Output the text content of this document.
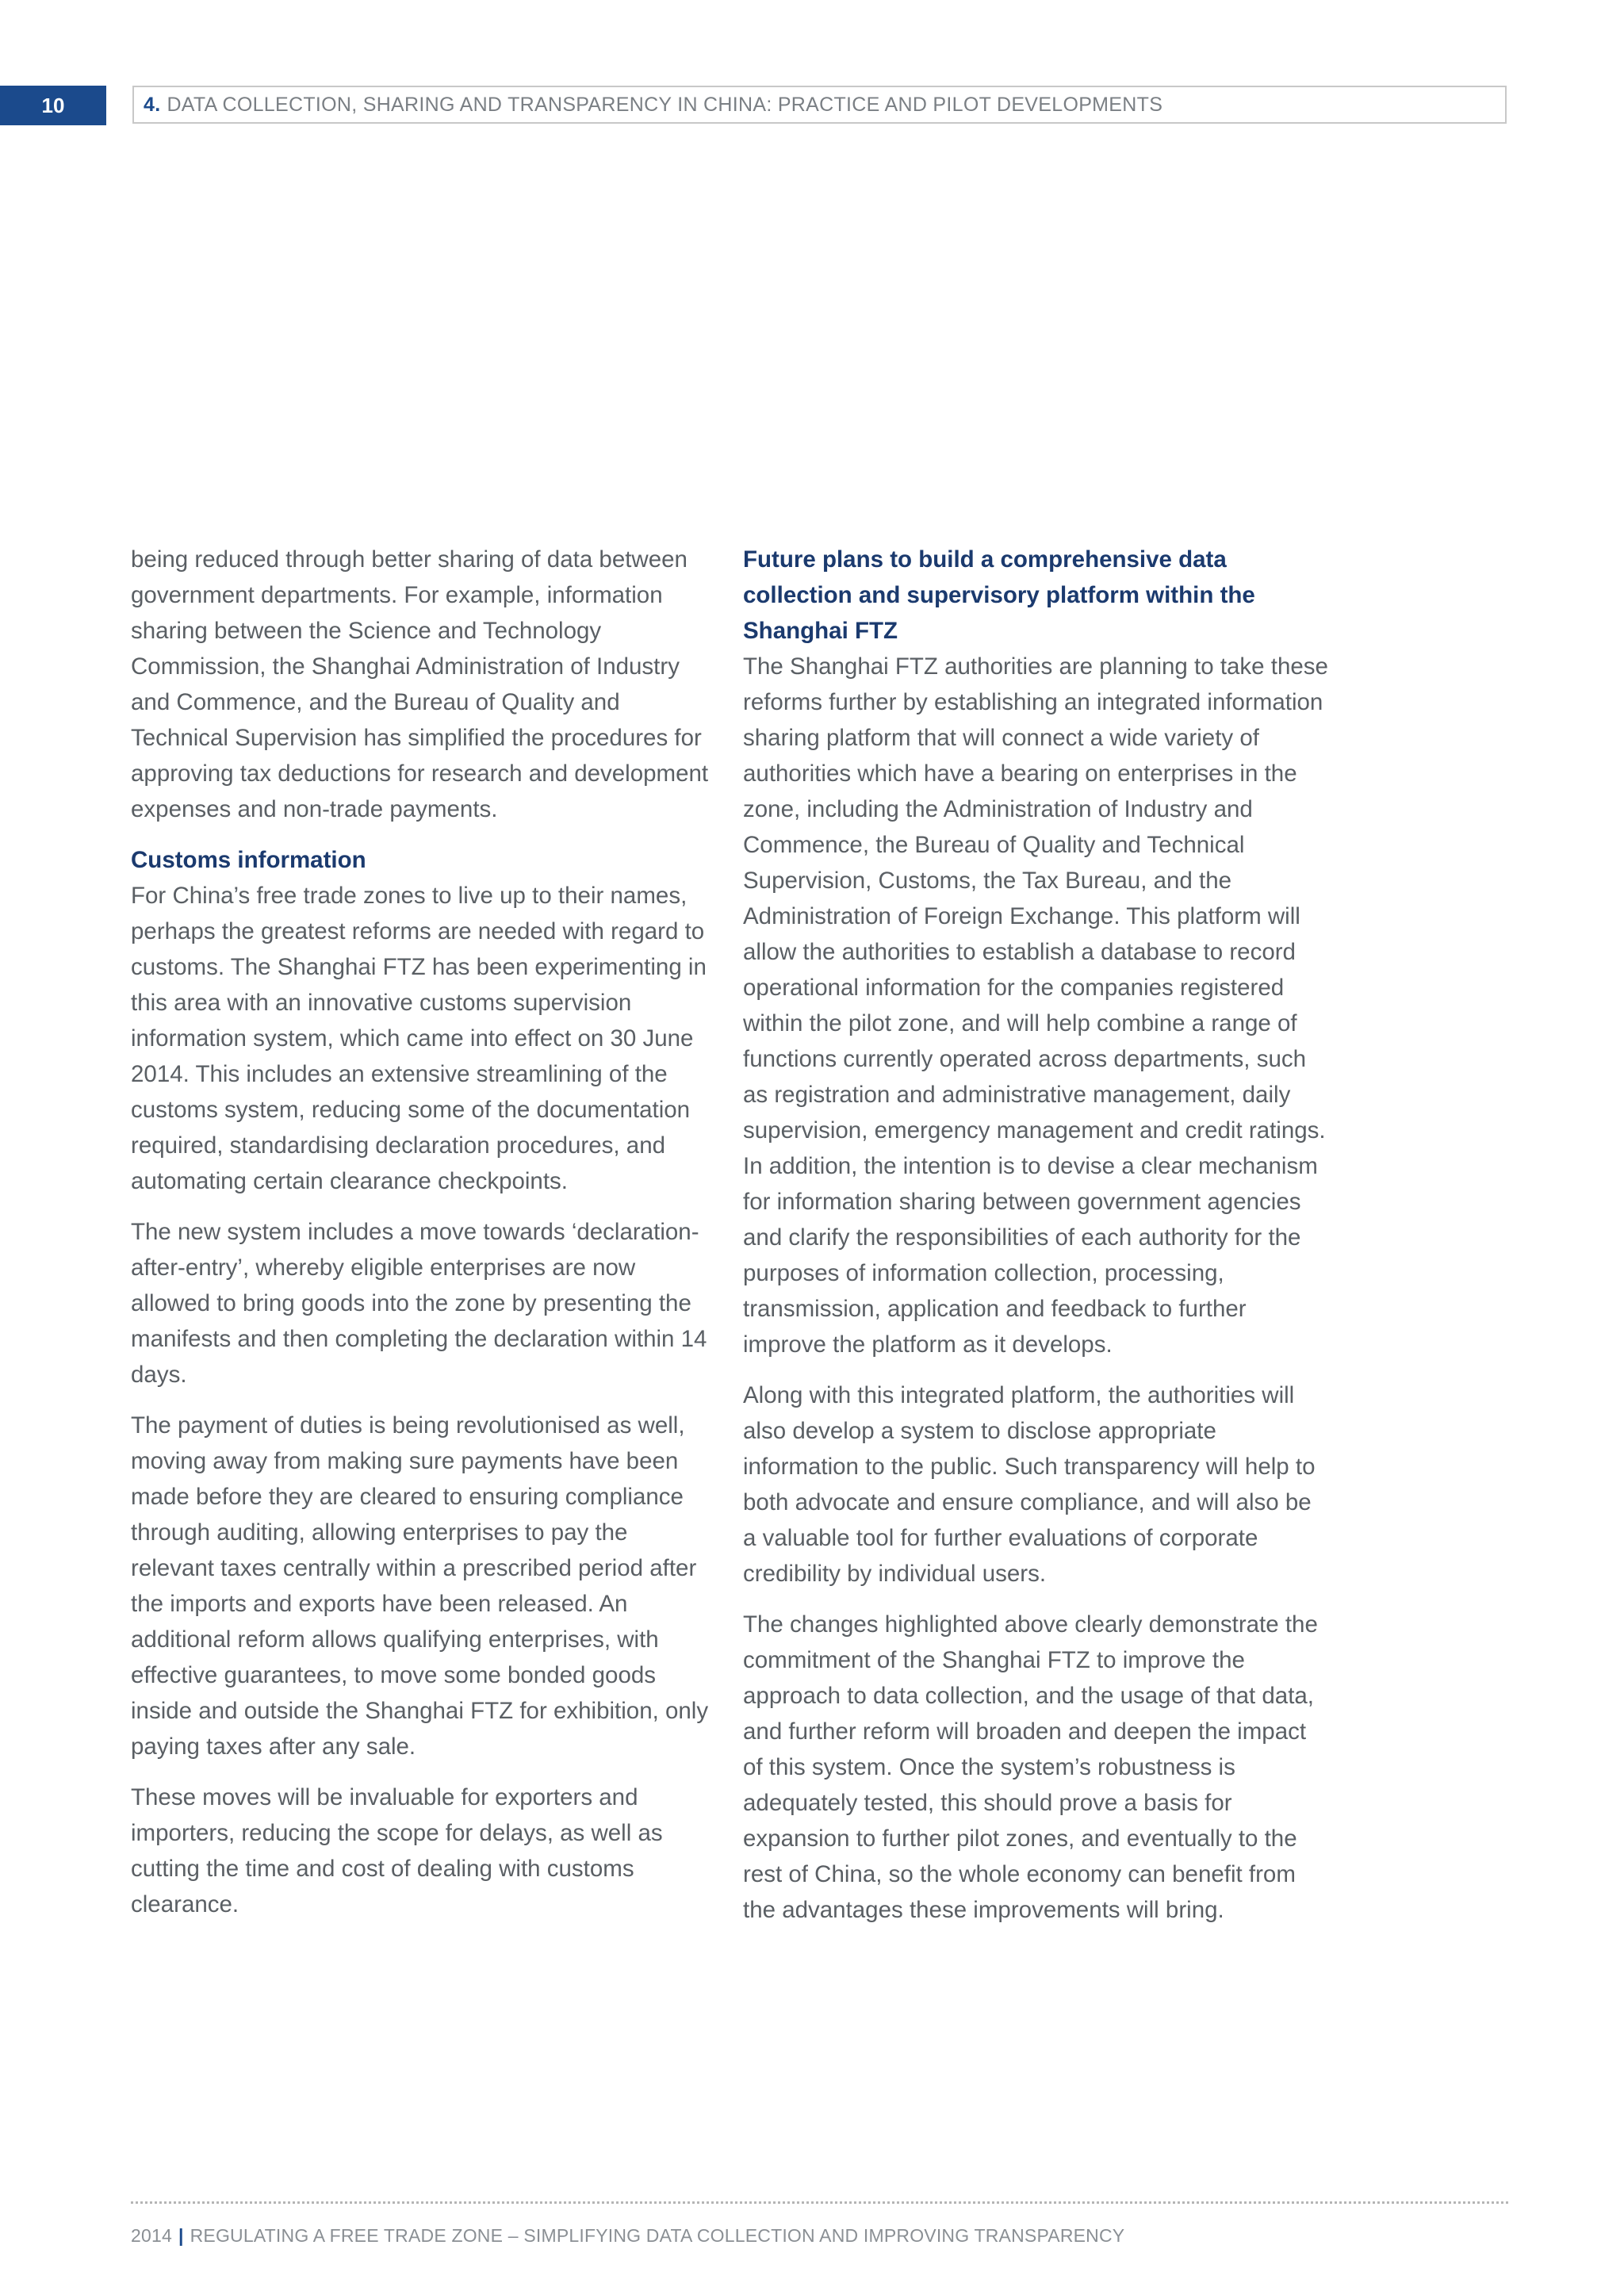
10	4. DATA COLLECTION, SHARING AND TRANSPARENCY IN CHINA: PRACTICE AND PILOT DEVELOPMENTS

being reduced through better sharing of data between government departments. For example, information sharing between the Science and Technology Commission, the Shanghai Administration of Industry and Commence, and the Bureau of Quality and Technical Supervision has simplified the procedures for approving tax deductions for research and development expenses and non-trade payments.

Customs information

For China’s free trade zones to live up to their names, perhaps the greatest reforms are needed with regard to customs. The Shanghai FTZ has been experimenting in this area with an innovative customs supervision information system, which came into effect on 30 June 2014. This includes an extensive streamlining of the customs system, reducing some of the documentation required, standardising declaration procedures, and automating certain clearance checkpoints.

The new system includes a move towards ‘declaration-after-entry’, whereby eligible enterprises are now allowed to bring goods into the zone by presenting the manifests and then completing the declaration within 14 days.

The payment of duties is being revolutionised as well, moving away from making sure payments have been made before they are cleared to ensuring compliance through auditing, allowing enterprises to pay the relevant taxes centrally within a prescribed period after the imports and exports have been released. An additional reform allows qualifying enterprises, with effective guarantees, to move some bonded goods inside and outside the Shanghai FTZ for exhibition, only paying taxes after any sale.

These moves will be invaluable for exporters and importers, reducing the scope for delays, as well as cutting the time and cost of dealing with customs clearance.

Future plans to build a comprehensive data collection and supervisory platform within the Shanghai FTZ

The Shanghai FTZ authorities are planning to take these reforms further by establishing an integrated information sharing platform that will connect a wide variety of authorities which have a bearing on enterprises in the zone, including the Administration of Industry and Commence, the Bureau of Quality and Technical Supervision, Customs, the Tax Bureau, and the Administration of Foreign Exchange. This platform will allow the authorities to establish a database to record operational information for the companies registered within the pilot zone, and will help combine a range of functions currently operated across departments, such as registration and administrative management, daily supervision, emergency management and credit ratings. In addition, the intention is to devise a clear mechanism for information sharing between government agencies and clarify the responsibilities of each authority for the purposes of information collection, processing, transmission, application and feedback to further improve the platform as it develops.

Along with this integrated platform, the authorities will also develop a system to disclose appropriate information to the public. Such transparency will help to both advocate and ensure compliance, and will also be a valuable tool for further evaluations of corporate credibility by individual users.

The changes highlighted above clearly demonstrate the commitment of the Shanghai FTZ to improve the approach to data collection, and the usage of that data, and further reform will broaden and deepen the impact of this system. Once the system’s robustness is adequately tested, this should prove a basis for expansion to further pilot zones, and eventually to the rest of China, so the whole economy can benefit from the advantages these improvements will bring.

2014 | REGULATING A FREE TRADE ZONE – SIMPLIFYING DATA COLLECTION AND IMPROVING TRANSPARENCY
